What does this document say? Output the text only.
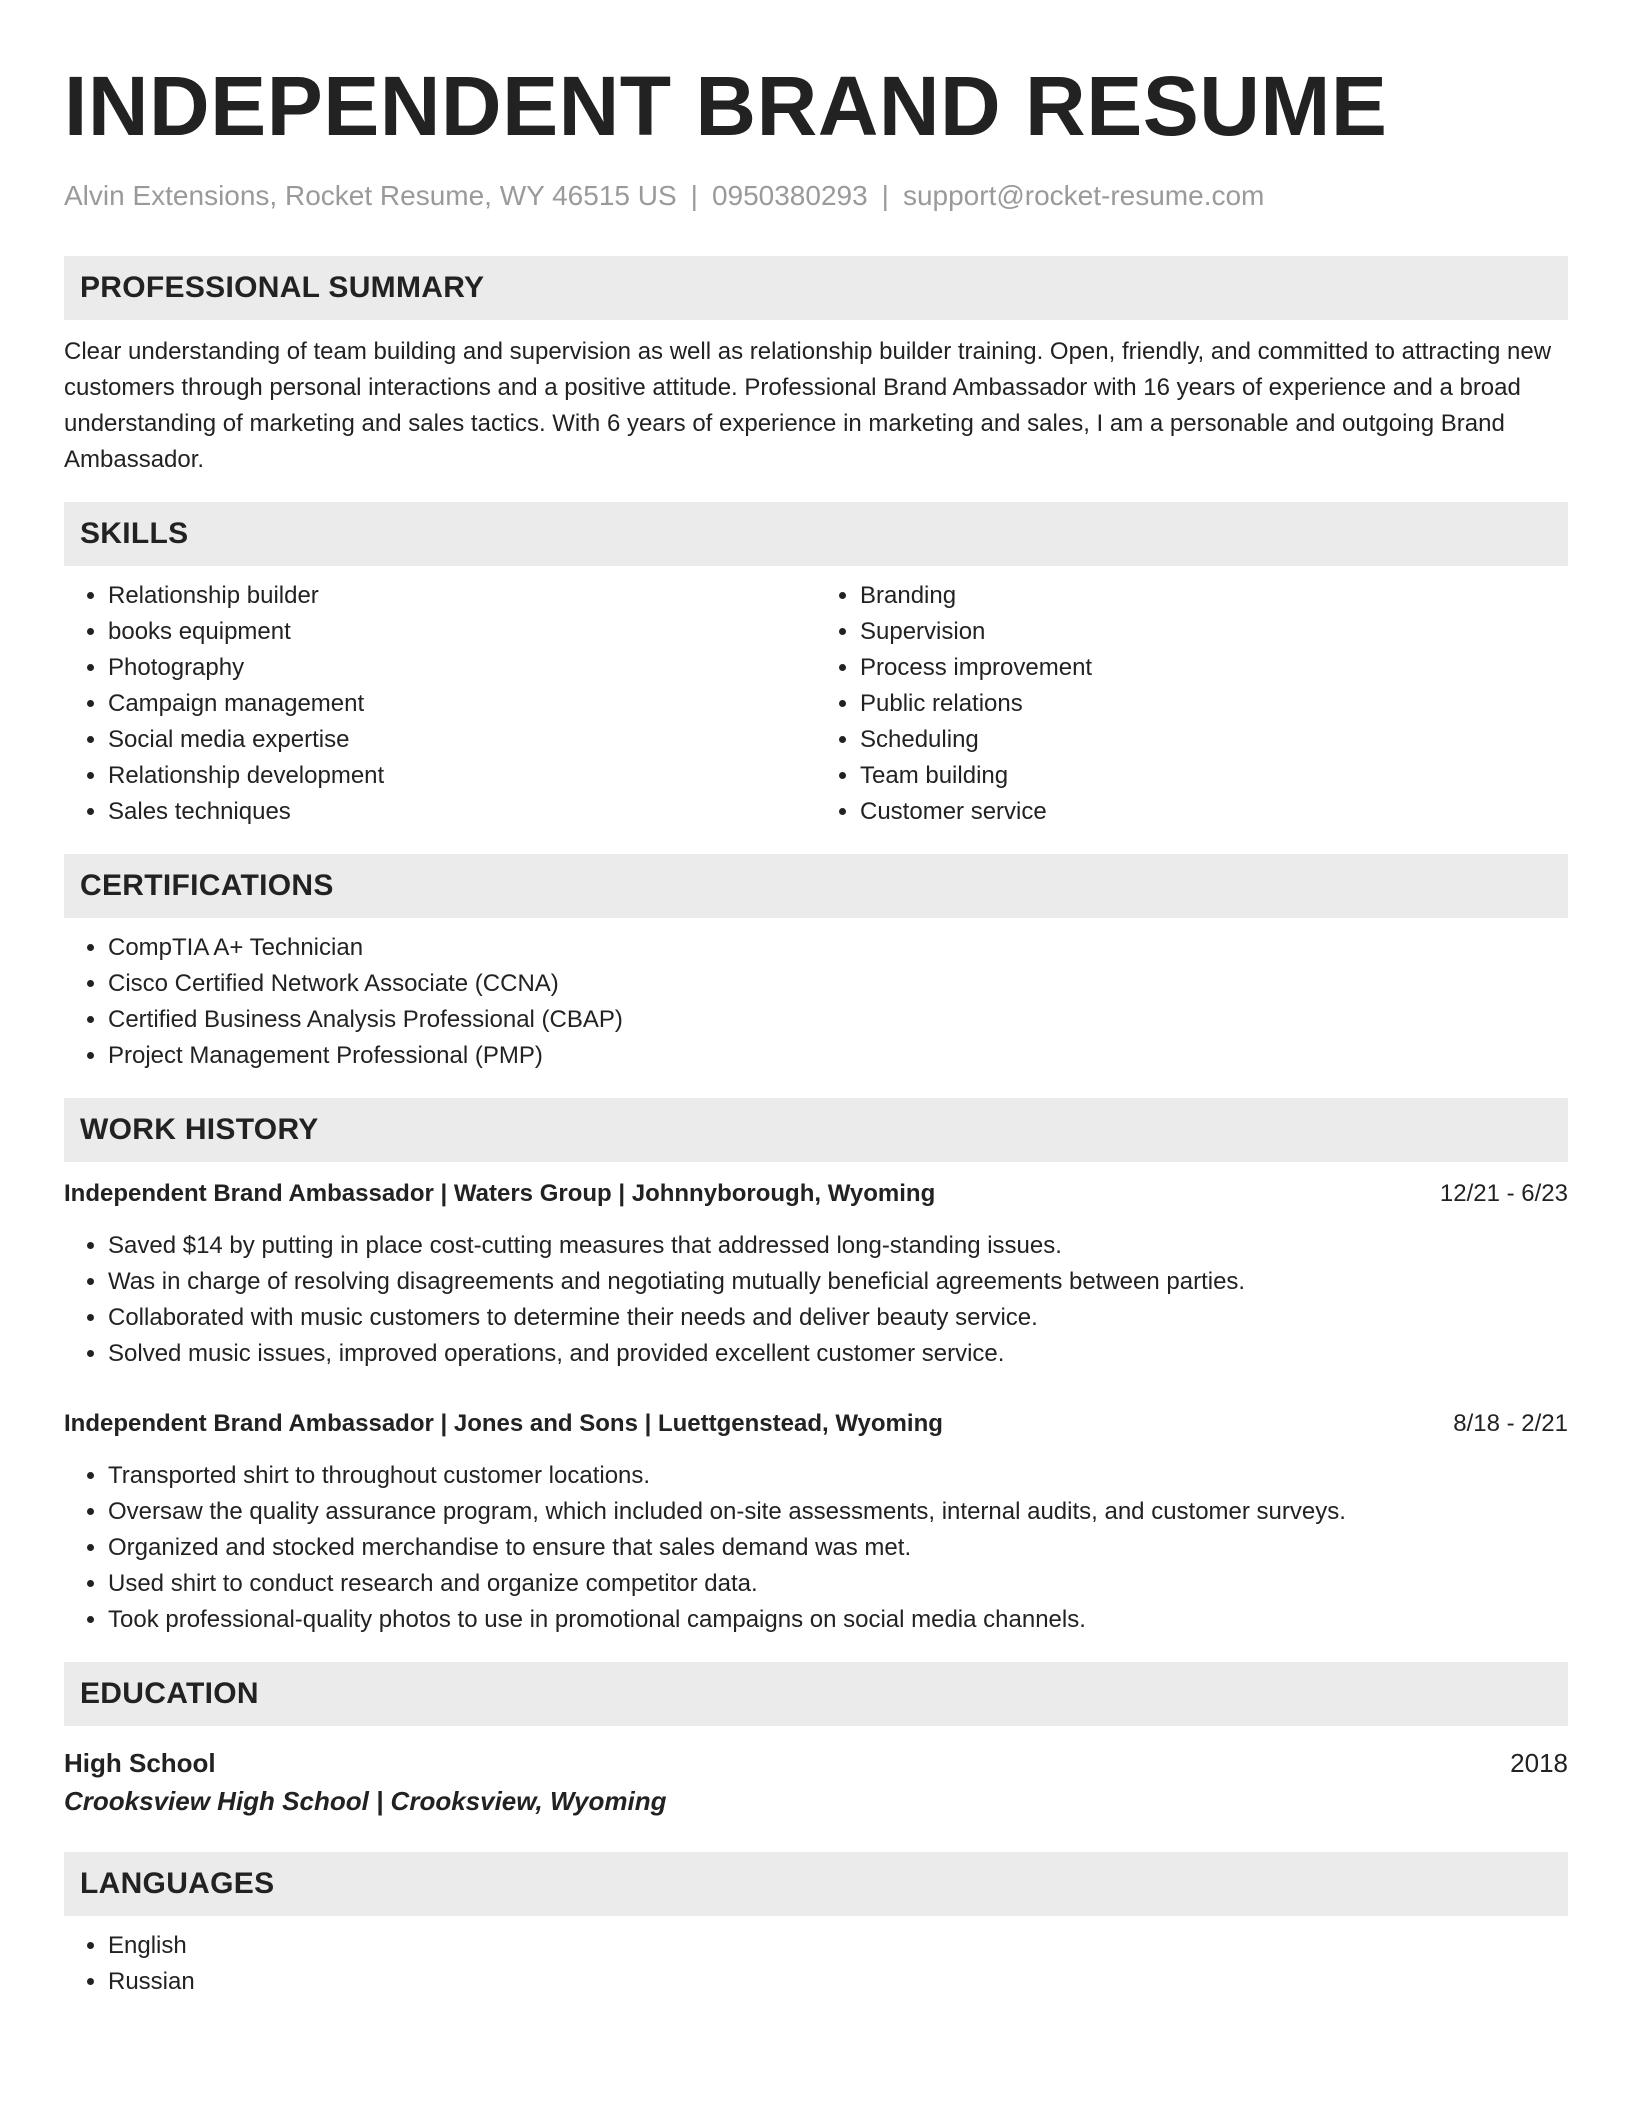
INDEPENDENT BRAND RESUME
Alvin Extensions, Rocket Resume, WY 46515 US | 0950380293 | support@rocket-resume.com
PROFESSIONAL SUMMARY

Clear understanding of team building and supervision as well as relationship builder training. Open, friendly, and committed to attracting new customers through personal interactions and a positive attitude. Professional Brand Ambassador with 16 years of experience and a broad understanding of marketing and sales tactics. With 6 years of experience in marketing and sales, I am a personable and outgoing Brand Ambassador.

SKILLS
• Relationship builder
• books equipment
• Photography
• Campaign management
• Social media expertise
• Relationship development
• Sales techniques
• Branding
• Supervision
• Process improvement
• Public relations
• Scheduling
• Team building
• Customer service
CERTIFICATIONS
• CompTIA A+ Technician
• Cisco Certified Network Associate (CCNA)
• Certified Business Analysis Professional (CBAP)
• Project Management Professional (PMP)
WORK HISTORY
Independent Brand Ambassador | Waters Group | Johnnyborough, Wyoming	12/21 - 6/23
• Saved $14 by putting in place cost-cutting measures that addressed long-standing issues.
• Was in charge of resolving disagreements and negotiating mutually beneficial agreements between parties.
• Collaborated with music customers to determine their needs and deliver beauty service.
• Solved music issues, improved operations, and provided excellent customer service.
Independent Brand Ambassador | Jones and Sons | Luettgenstead, Wyoming	8/18 - 2/21
• Transported shirt to throughout customer locations.
• Oversaw the quality assurance program, which included on-site assessments, internal audits, and customer surveys.
• Organized and stocked merchandise to ensure that sales demand was met.
• Used shirt to conduct research and organize competitor data.
• Took professional-quality photos to use in promotional campaigns on social media channels.
EDUCATION
High School	2018
Crooksview High School | Crooksview, Wyoming
LANGUAGES
• English
• Russian
